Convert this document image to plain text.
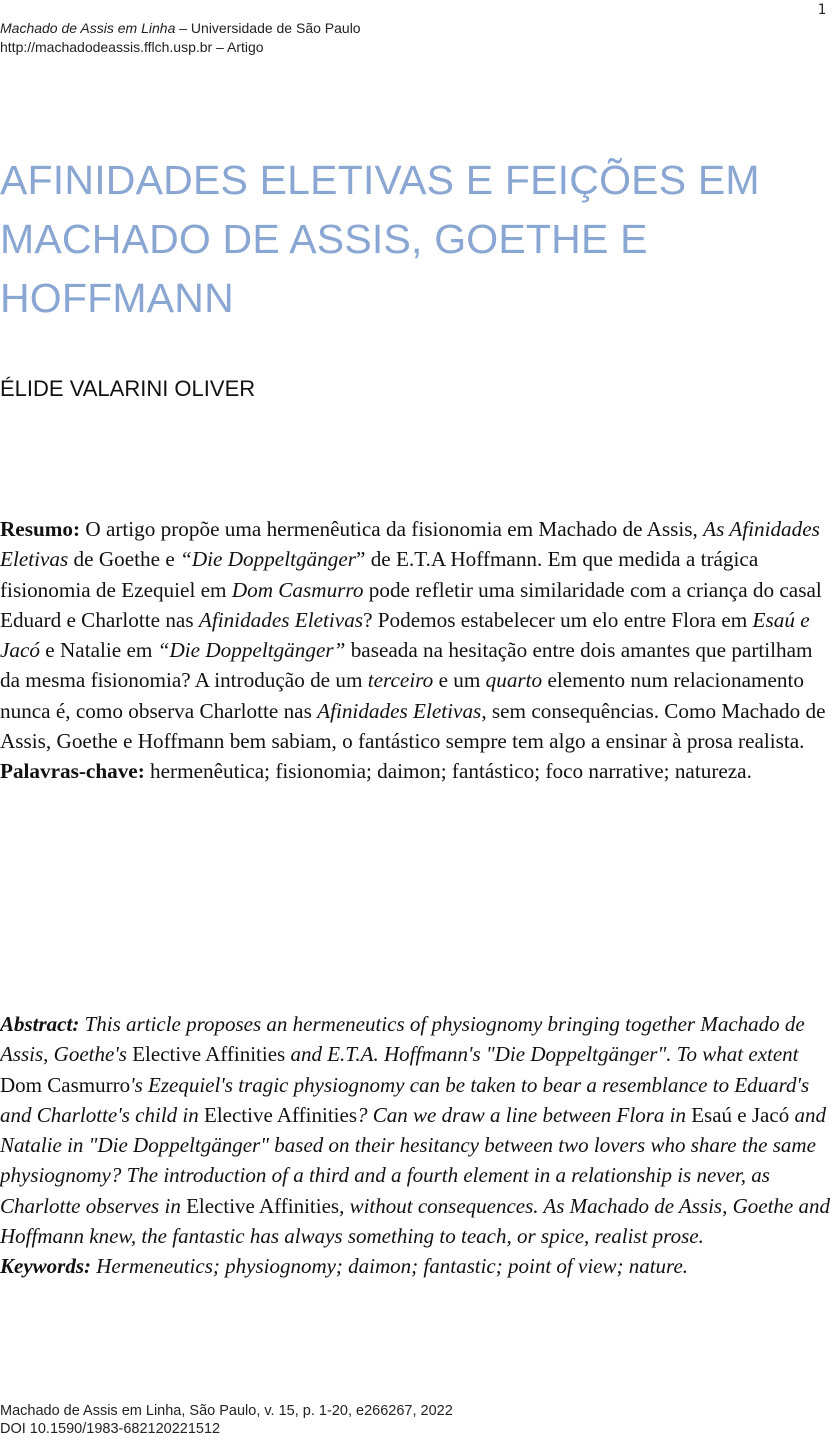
1
Machado de Assis em Linha – Universidade de São Paulo
http://machadodeassis.fflch.usp.br – Artigo
AFINIDADES ELETIVAS E FEIÇÕES EM MACHADO DE ASSIS, GOETHE E HOFFMANN
ÉLIDE VALARINI OLIVER
Resumo: O artigo propõe uma hermenêutica da fisionomia em Machado de Assis, As Afinidades Eletivas de Goethe e “Die Doppeltgänger” de E.T.A Hoffmann. Em que medida a trágica fisionomia de Ezequiel em Dom Casmurro pode refletir uma similaridade com a criança do casal Eduard e Charlotte nas Afinidades Eletivas? Podemos estabelecer um elo entre Flora em Esaú e Jacó e Natalie em “Die Doppeltgänger” baseada na hesitação entre dois amantes que partilham da mesma fisionomia? A introdução de um terceiro e um quarto elemento num relacionamento nunca é, como observa Charlotte nas Afinidades Eletivas, sem consequências. Como Machado de Assis, Goethe e Hoffmann bem sabiam, o fantástico sempre tem algo a ensinar à prosa realista.
Palavras-chave: hermenêutica; fisionomia; daimon; fantástico; foco narrative; natureza.
Abstract: This article proposes an hermeneutics of physiognomy bringing together Machado de Assis, Goethe's Elective Affinities and E.T.A. Hoffmann's "Die Doppeltgänger". To what extent Dom Casmurro's Ezequiel's tragic physiognomy can be taken to bear a resemblance to Eduard's and Charlotte's child in Elective Affinities? Can we draw a line between Flora in Esaú e Jacó and Natalie in "Die Doppeltgänger" based on their hesitancy between two lovers who share the same physiognomy? The introduction of a third and a fourth element in a relationship is never, as Charlotte observes in Elective Affinities, without consequences. As Machado de Assis, Goethe and Hoffmann knew, the fantastic has always something to teach, or spice, realist prose.
Keywords: Hermeneutics; physiognomy; daimon; fantastic; point of view; nature.
Machado de Assis em Linha, São Paulo, v. 15, p. 1-20, e266267, 2022
DOI 10.1590/1983-682120221512
